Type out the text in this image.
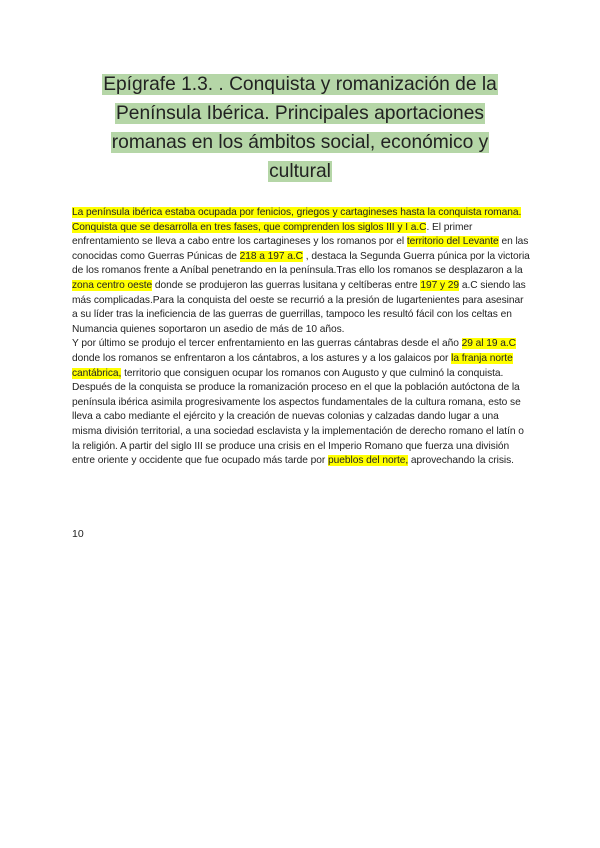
Epígrafe 1.3. . Conquista y romanización de la
Península Ibérica. Principales aportaciones
romanas en los ámbitos social, económico y
cultural

La península ibérica estaba ocupada por fenicios, griegos y cartagineses hasta la conquista romana. Conquista que se desarrolla en tres fases, que comprenden los siglos III y I a.C. El primer enfrentamiento se lleva a cabo entre los cartagineses y los romanos por el territorio del Levante en las conocidas como Guerras Púnicas de 218 a 197 a.C , destaca la Segunda Guerra púnica por la victoria de los romanos frente a Aníbal penetrando en la península.Tras ello los romanos se desplazaron a la zona centro oeste donde se produjeron las guerras lusitana y celtíberas entre 197 y 29 a.C siendo las más complicadas.Para la conquista del oeste se recurrió a la presión de lugartenientes para asesinar a su líder tras la ineficiencia de las guerras de guerrillas, tampoco les resultó fácil con los celtas en Numancia quienes soportaron un asedio de más de 10 años.

Y por último se produjo el tercer enfrentamiento en las guerras cántabras desde el año 29 al 19 a.C donde los romanos se enfrentaron a los cántabros, a los astures y a los galaicos por la franja norte cantábrica, territorio que consiguen ocupar los romanos con Augusto y que culminó la conquista.

Después de la conquista se produce la romanización proceso en el que la población autóctona de la península ibérica asimila progresivamente los aspectos fundamentales de la cultura romana, esto se lleva a cabo mediante el ejército y la creación de nuevas colonias y calzadas dando lugar a una misma división territorial, a una sociedad esclavista y la implementación de derecho romano el latín o la religión. A partir del siglo III se produce una crisis en el Imperio Romano que fuerza una división entre oriente y occidente que fue ocupado más tarde por pueblos del norte, aprovechando la crisis.

10
